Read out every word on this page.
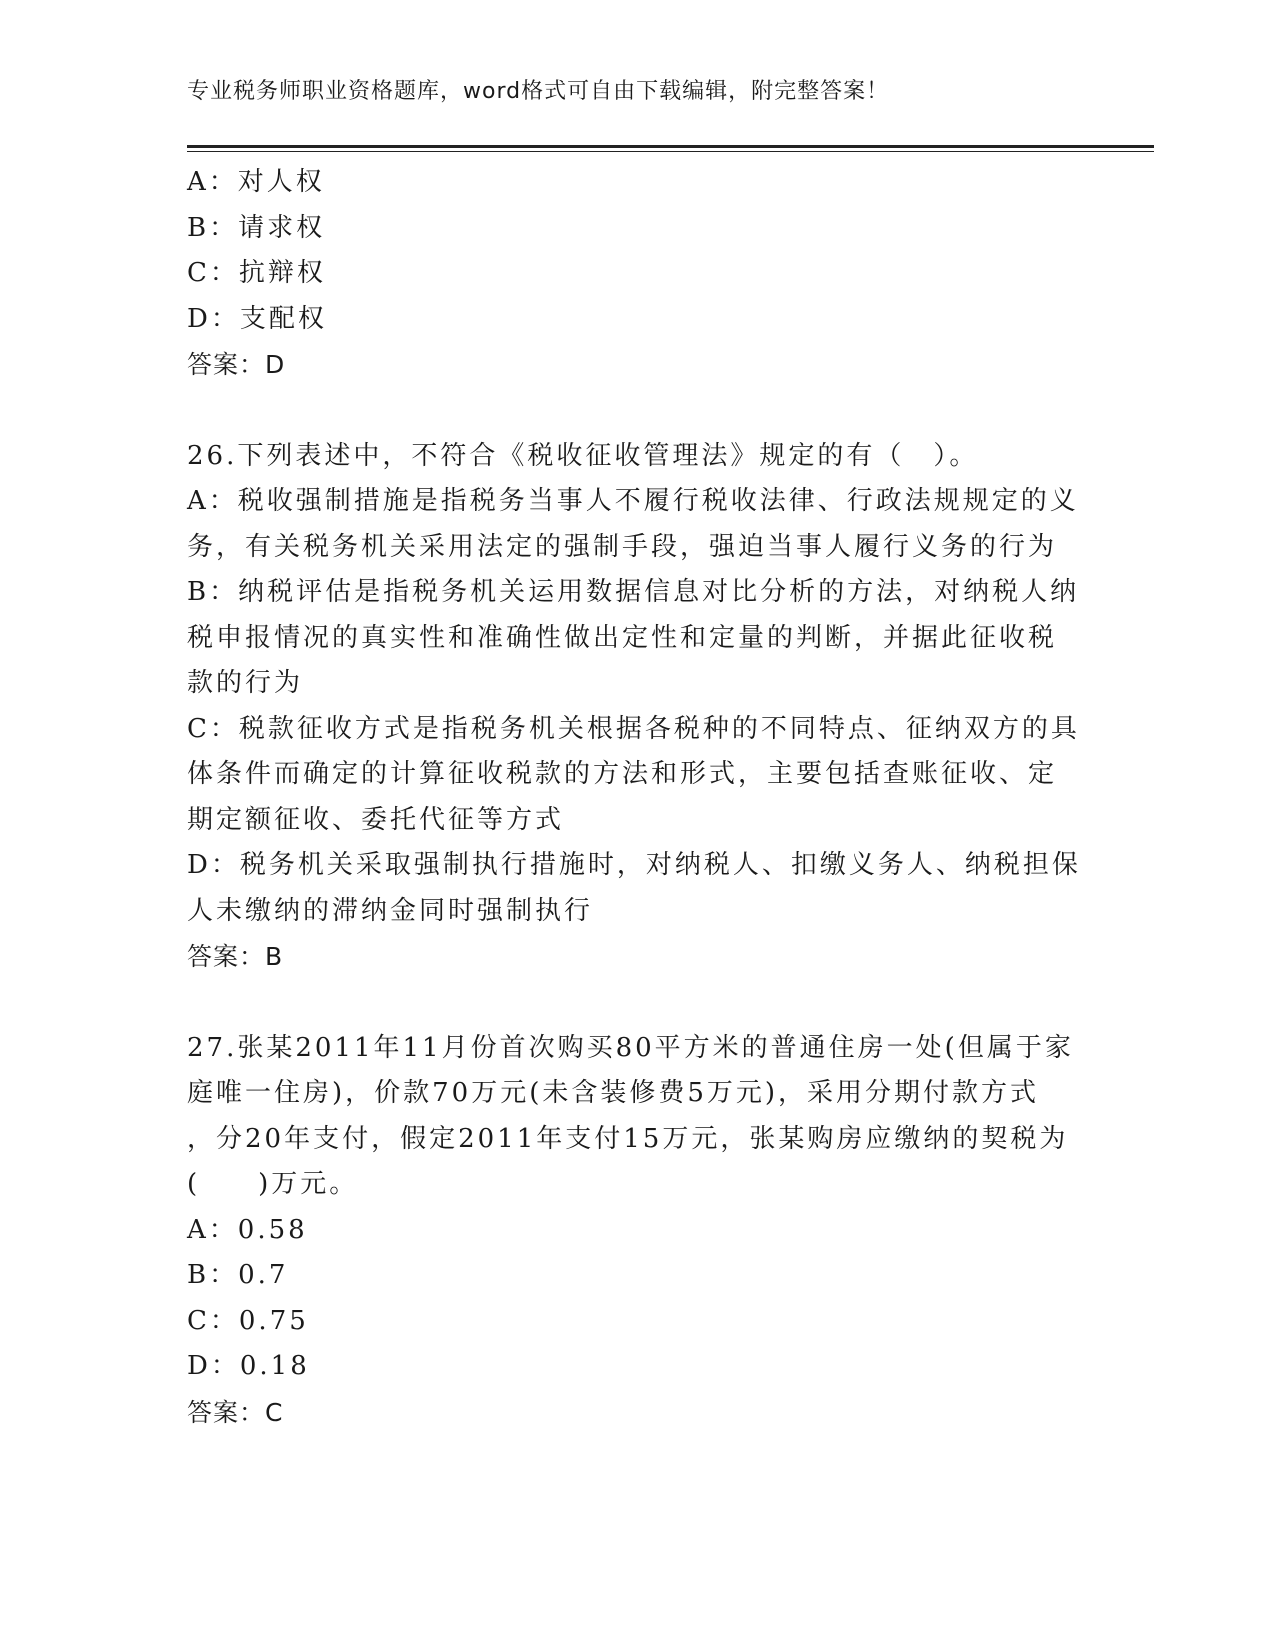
专业税务师职业资格题库，word格式可自由下载编辑，附完整答案！
A：对人权
B：请求权
C：抗辩权
D：支配权
答案：D
26.下列表述中，不符合《税收征收管理法》规定的有（　）。
A：税收强制措施是指税务当事人不履行税收法律、行政法规规定的义
务，有关税务机关采用法定的强制手段，强迫当事人履行义务的行为
B：纳税评估是指税务机关运用数据信息对比分析的方法，对纳税人纳
税申报情况的真实性和准确性做出定性和定量的判断，并据此征收税
款的行为
C：税款征收方式是指税务机关根据各税种的不同特点、征纳双方的具
体条件而确定的计算征收税款的方法和形式，主要包括查账征收、定
期定额征收、委托代征等方式
D：税务机关采取强制执行措施时，对纳税人、扣缴义务人、纳税担保
人未缴纳的滞纳金同时强制执行
答案：B
27.张某2011年11月份首次购买80平方米的普通住房一处(但属于家
庭唯一住房)，价款70万元(未含装修费5万元)，采用分期付款方式
，分20年支付，假定2011年支付15万元，张某购房应缴纳的契税为
(　　)万元。
A：0.58
B：0.7
C：0.75
D：0.18
答案：C
